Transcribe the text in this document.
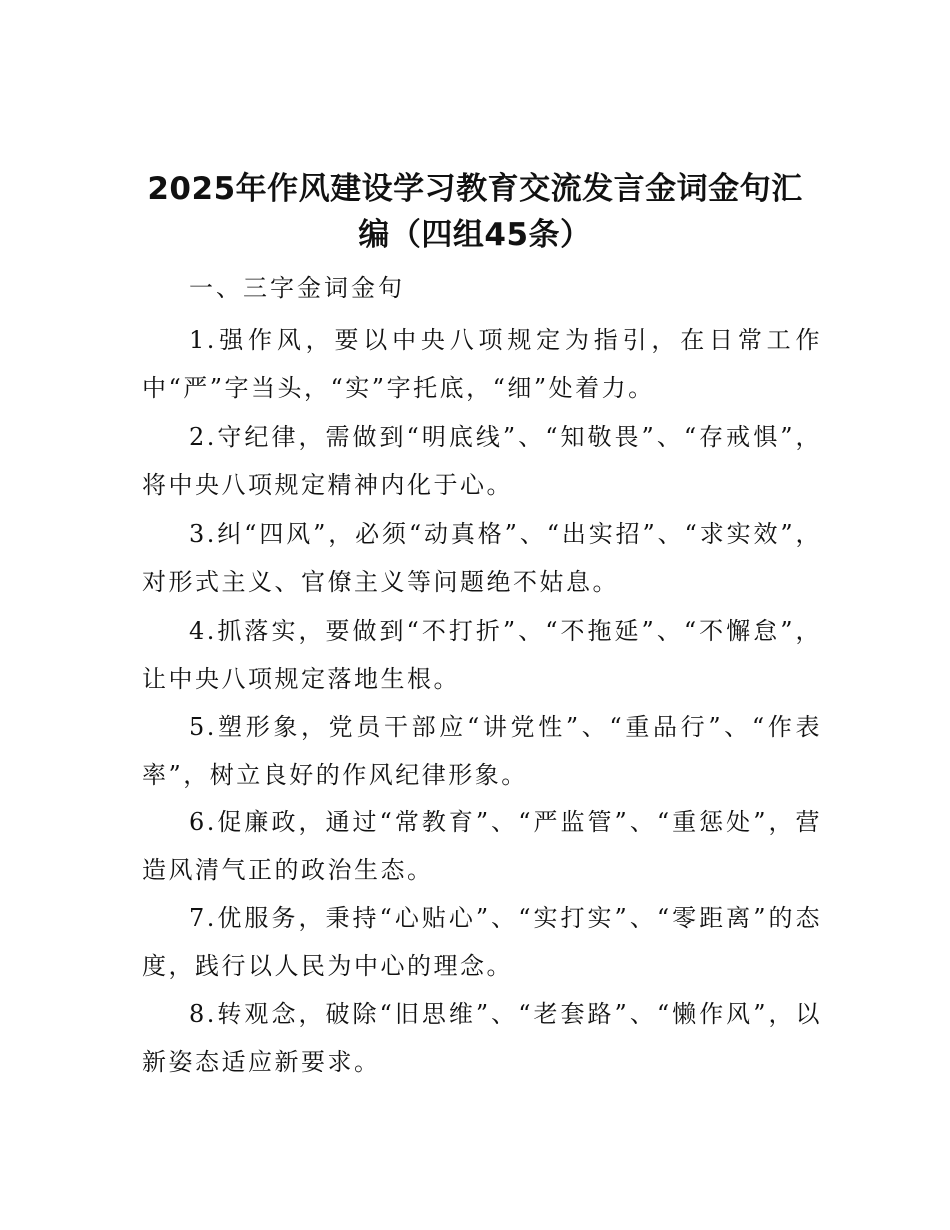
2025年作风建设学习教育交流发言金词金句汇
编（四组45条）
一、三字金词金句

1.强作风，要以中央八项规定为指引，在日常工作中“严”字当头，“实”字托底，“细”处着力。

2.守纪律，需做到“明底线”、“知敬畏”、“存戒惧”，将中央八项规定精神内化于心。

3.纠“四风”，必须“动真格”、“出实招”、“求实效”，对形式主义、官僚主义等问题绝不姑息。

4.抓落实，要做到“不打折”、“不拖延”、“不懈怠”，让中央八项规定落地生根。

5.塑形象，党员干部应“讲党性”、“重品行”、“作表率”，树立良好的作风纪律形象。

6.促廉政，通过“常教育”、“严监管”、“重惩处”，营造风清气正的政治生态。

7.优服务，秉持“心贴心”、“实打实”、“零距离”的态度，践行以人民为中心的理念。

8.转观念，破除“旧思维”、“老套路”、“懒作风”，以新姿态适应新要求。
